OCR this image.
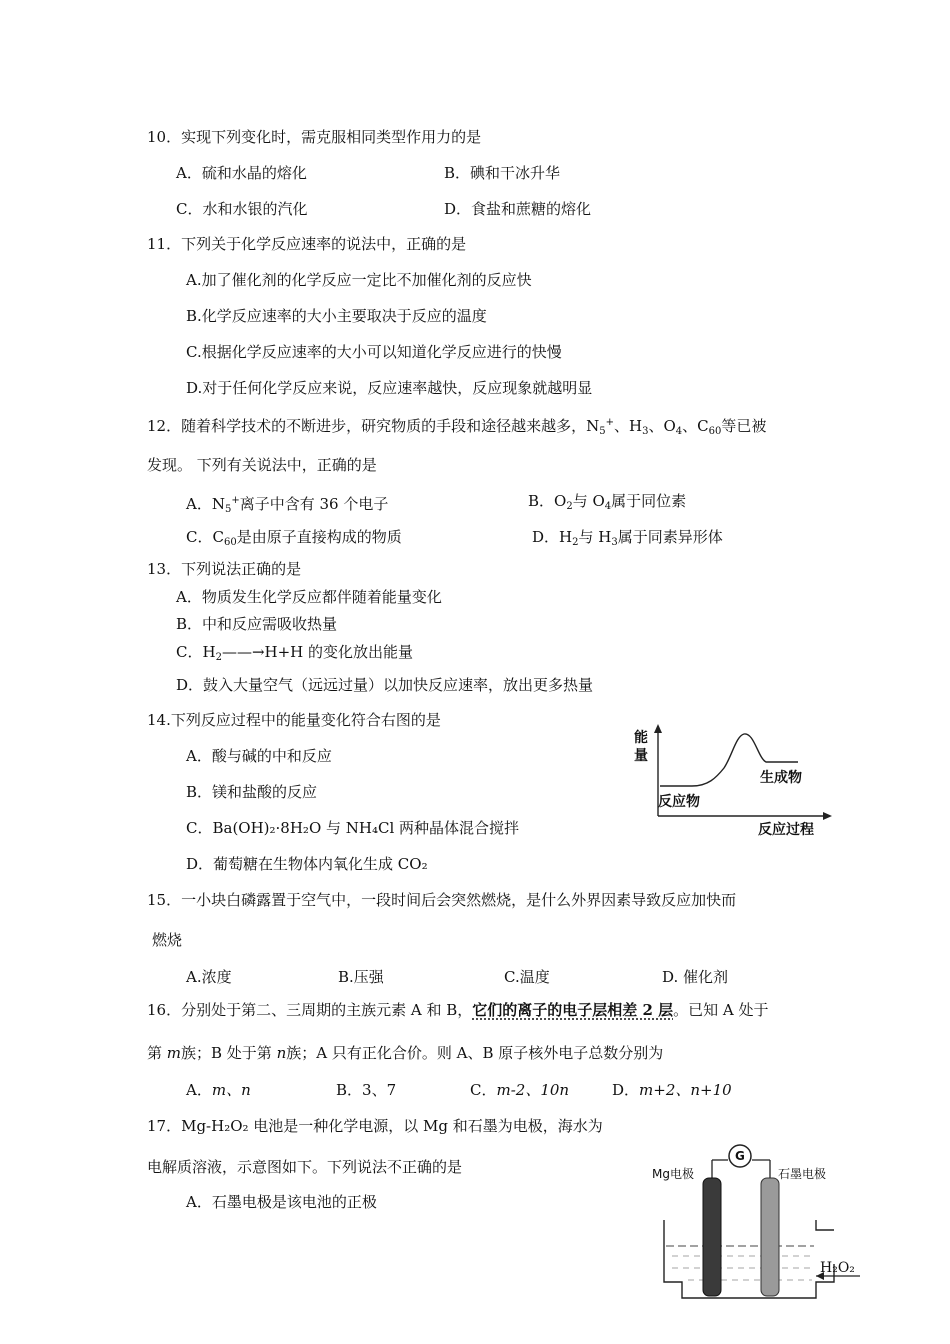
10．实现下列变化时，需克服相同类型作用力的是
A．硫和水晶的熔化	B．碘和干冰升华
C．水和水银的汽化	D．食盐和蔗糖的熔化
11．下列关于化学反应速率的说法中，正确的是
A.加了催化剂的化学反应一定比不加催化剂的反应快
B.化学反应速率的大小主要取决于反应的温度
C.根据化学反应速率的大小可以知道化学反应进行的快慢
D.对于任何化学反应来说，反应速率越快，反应现象就越明显
12．随着科学技术的不断进步，研究物质的手段和途径越来越多，$N_5^+$、$H_3$、$O_4$、$C_{60}$等已被
发现。 下列有关说法中，正确的是
A．$N_5^+$离子中含有 36 个电子	B．$O_2$与 $O_4$属于同位素
C．$C_{60}$是由原子直接构成的物质	D．$H_2$与 $H_3$属于同素异形体
13．下列说法正确的是
A．物质发生化学反应都伴随着能量变化
B．中和反应需吸收热量
C．$H_2——\to H+H$ 的变化放出能量
D．鼓入大量空气（远远过量）以加快反应速率，放出更多热量
14.下列反应过程中的能量变化符合右图的是
A．酸与碱的中和反应
B．镁和盐酸的反应
C．Ba(OH)₂·8H₂O 与 NH₄Cl 两种晶体混合搅拌
D．葡萄糖在生物体内氧化生成 CO₂
能
量
生成物
反应物
反应过程
15．一小块白磷露置于空气中，一段时间后会突然燃烧，是什么外界因素导致反应加快而
燃烧
A.浓度	B.压强	C.温度	D. 催化剂
16．分别处于第二、三周期的主族元素 A 和 B，它们的离子的电子层相差 2 层。已知 A 处于
第 m族；B 处于第 n族；A 只有正化合价。则 A、B 原子核外电子总数分别为
A．m、n	B．3、7	C．m-2、10n	D．m+2、n+10
17．Mg-H₂O₂ 电池是一种化学电源，以 Mg 和石墨为电极，海水为
电解质溶液，示意图如下。下列说法不正确的是
A．石墨电极是该电池的正极
G
Mg电极	石墨电极
H₂O₂
